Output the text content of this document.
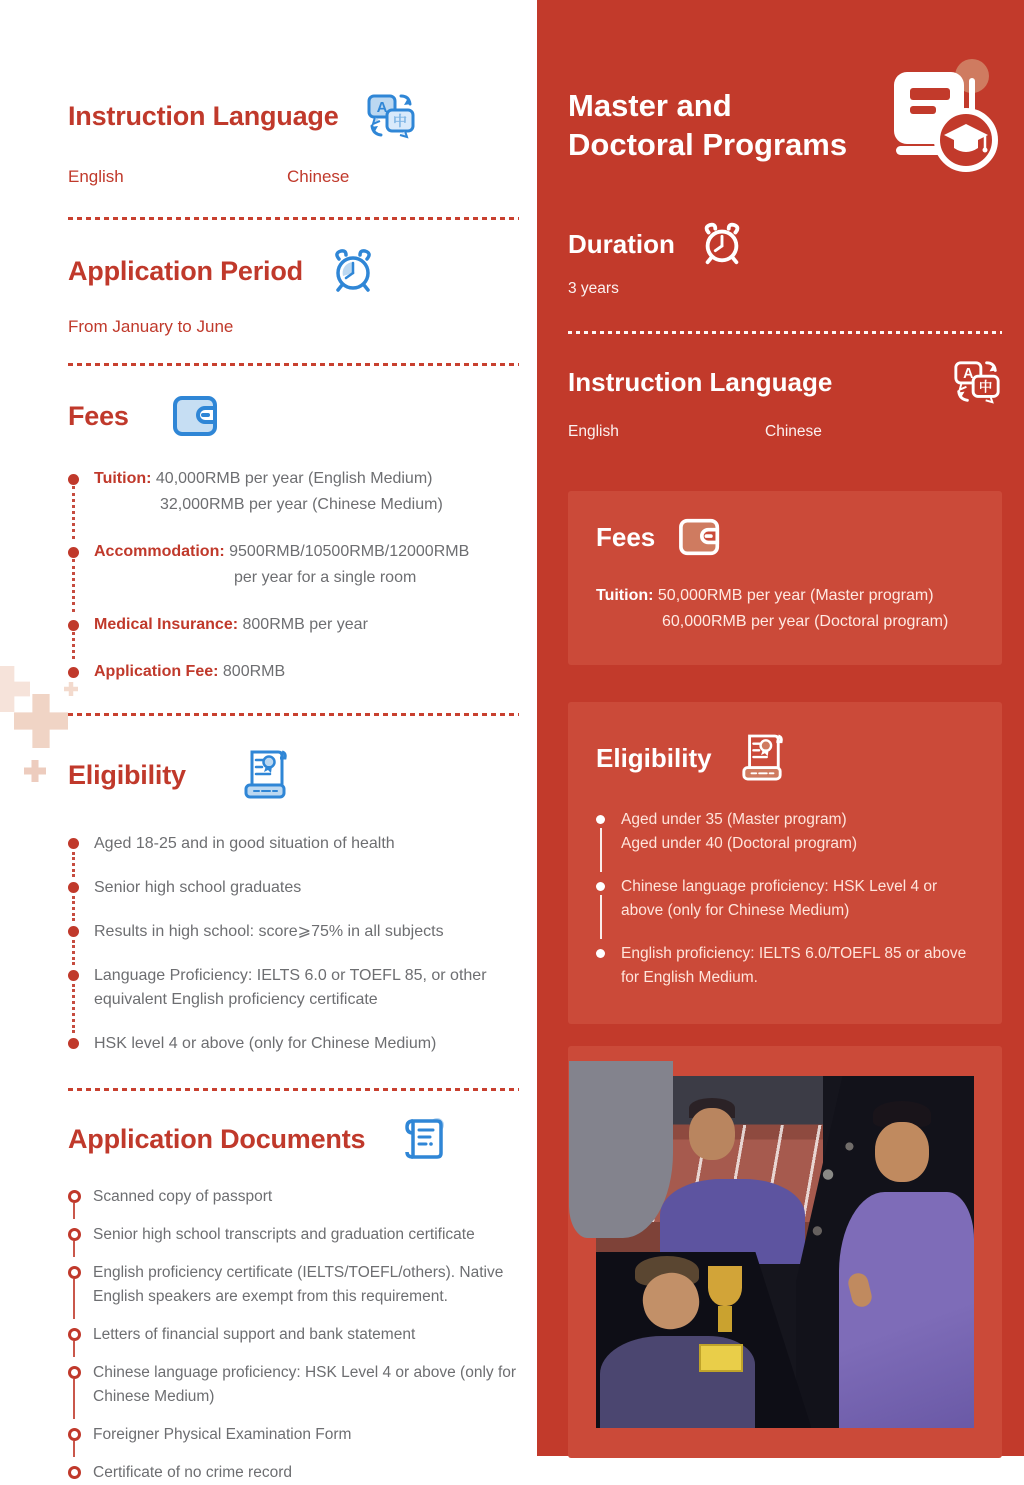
Instruction Language	A
中
English	Chinese
Application Period
From January to June
Fees
Tuition: 40,000RMB per year (English Medium)
32,000RMB per year (Chinese Medium)
Accommodation: 9500RMB/10500RMB/12000RMB
per year for a single room
Medical Insurance: 800RMB per year
Application Fee: 800RMB
Eligibility
Aged 18-25 and in good situation of health
Senior high school graduates
Results in high school: score⩾75% in all subjects
Language Proficiency: IELTS 6.0 or TOEFL 85, or other equivalent English proficiency certificate
HSK level 4 or above (only for Chinese Medium)
Application Documents
Scanned copy of passport
Senior high school transcripts and graduation certificate
English proficiency certificate (IELTS/TOEFL/others). Native English speakers are exempt from this requirement.
Letters of financial support and bank statement
Chinese language proficiency: HSK Level 4 or above (only for Chinese Medium)
Foreigner Physical Examination Form
Certificate of no crime record
Master and
Doctoral Programs
Duration
3 years
Instruction Language	A
中
English	Chinese
Fees
Tuition: 50,000RMB per year (Master program)
60,000RMB per year (Doctoral program)
Eligibility
Aged under 35 (Master program)
Aged under 40 (Doctoral program)
Chinese language proficiency: HSK Level 4 or above (only for Chinese Medium)
English proficiency: IELTS 6.0/TOEFL 85 or above for English Medium.
